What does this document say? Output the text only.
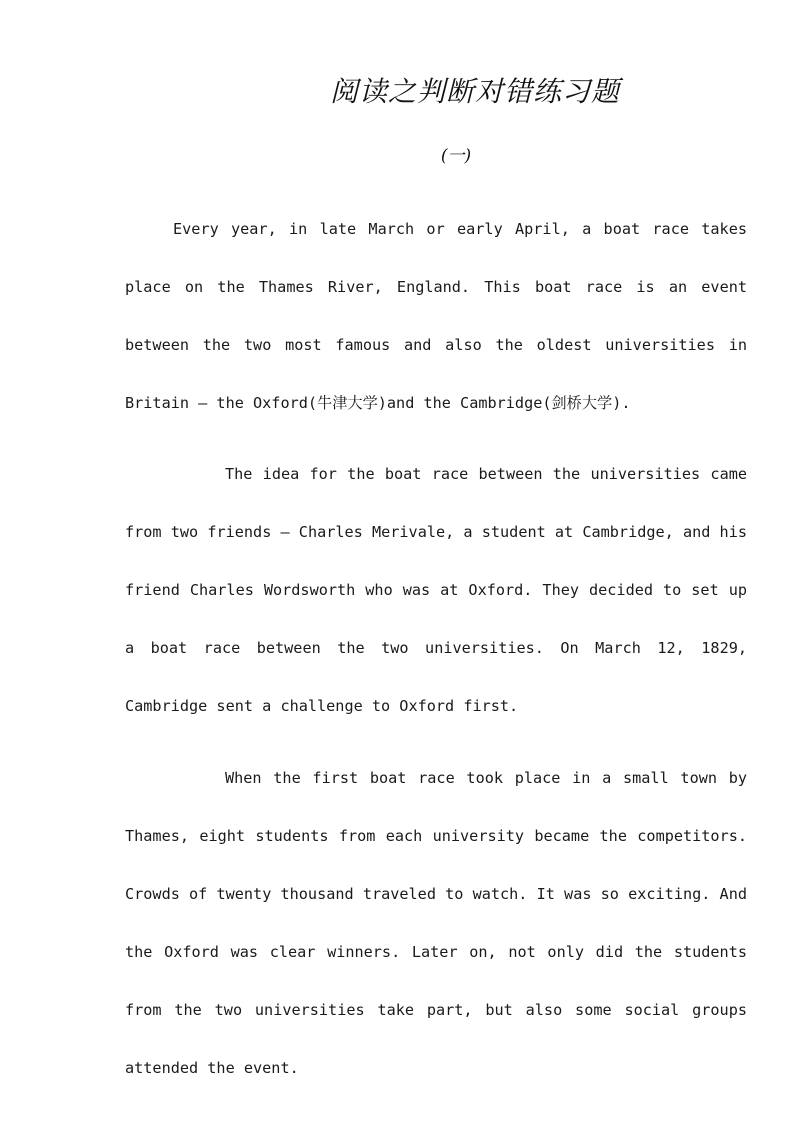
阅读之判断对错练习题
(一)

Every year, in late March or early April, a boat race takes place on the Thames River, England. This boat race is an event between the two most famous and also the oldest universities in Britain – the Oxford(牛津大学)and the Cambridge(剑桥大学).

The idea for the boat race between the universities came from two friends – Charles Merivale, a student at Cambridge, and his friend Charles Wordsworth who was at Oxford. They decided to set up a boat race between the two universities. On March 12, 1829, Cambridge sent a challenge to Oxford first.

When the first boat race took place in a small town by Thames, eight students from each university became the competitors. Crowds of twenty thousand traveled to watch. It was so exciting. And the Oxford was clear winners. Later on, not only did the students from the two universities take part, but also some social groups attended the event.
